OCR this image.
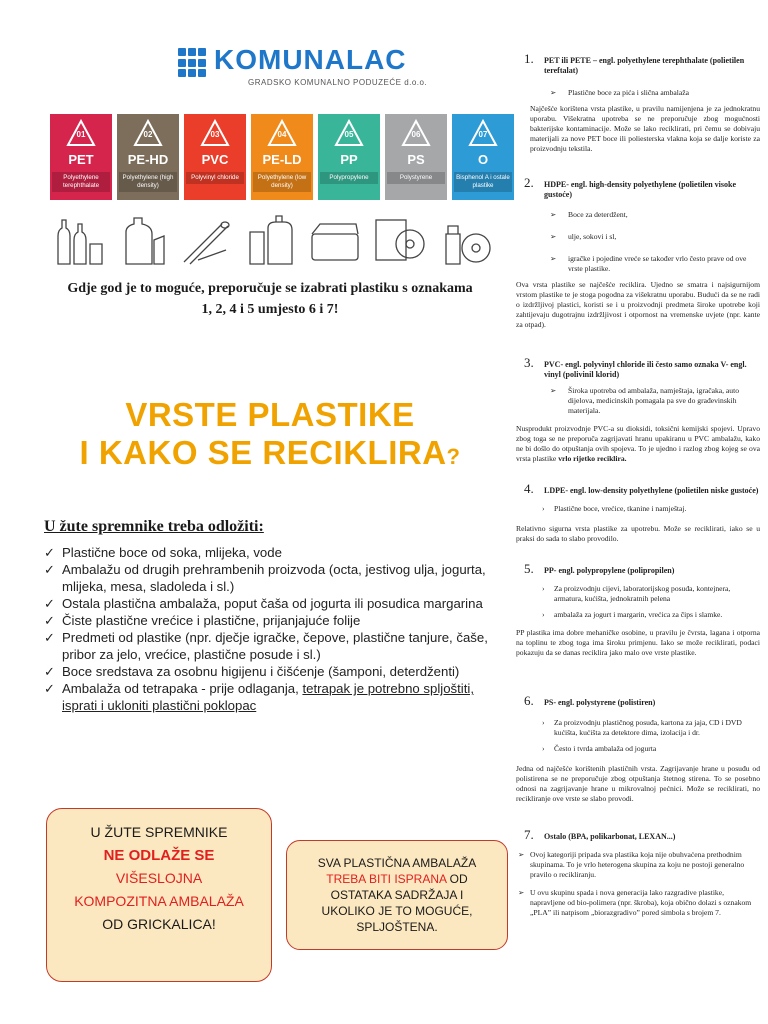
KOMUNALAC
GRADSKO KOMUNALNO PODUZEĆE d.o.o.
01
PET
Polyethylene terephthalate
02
PE-HD
Polyethylene (high density)
03
PVC
Polyvinyl chloride
04
PE-LD
Polyethylene (low density)
05
PP
Polypropylene
06
PS
Polystyrene
07
O
Bisphenol A i ostale plastike
Gdje god je to moguće, preporučuje se izabrati plastiku s oznakama
1, 2, 4 i 5 umjesto 6 i 7!
VRSTE PLASTIKE
I KAKO SE RECIKLIRA?
U žute spremnike treba odložiti:
✓ Plastične boce od soka, mlijeka, vode
✓ Ambalažu od drugih prehrambenih proizvoda (octa, jestivog ulja, jogurta, mlijeka, mesa, sladoleda i sl.)
✓ Ostala plastična ambalaža, poput čaša od jogurta ili posudica margarina
✓ Čiste plastične vrećice i plastične, prijanjajuće folije
✓ Predmeti od plastike (npr. dječje igračke, čepove, plastične tanjure, čaše, pribor za jelo, vrećice, plastične posude i sl.)
✓ Boce sredstava za osobnu higijenu i čišćenje (šamponi, deterdženti)
✓ Ambalaža od tetrapaka - prije odlaganja, tetrapak je potrebno spljoštiti, isprati i ukloniti plastični poklopac
U ŽUTE SPREMNIKE
NE ODLAŽE SE
VIŠESLOJNA
KOMPOZITNA AMBALAŽA
OD GRICKALICA!
SVA PLASTIČNA AMBALAŽA
TREBA BITI ISPRANA OD
OSTATAKA SADRŽAJA I
UKOLIKO JE TO MOGUĆE,
SPLJOŠTENA.
1. PET ili PETE – engl. polyethylene terephthalate (polietilen tereftalat)
➢ Plastične boce za pića i slična ambalaža
Najčešće korištena vrsta plastike, u pravilu namijenjena je za jednokratnu uporabu. Višekratna upotreba se ne preporučuje zbog mogućnosti bakterijske kontaminacije. Može se lako reciklirati, pri čemu se dobivaju materijali za nove PET boce ili poliesterska vlakna koja se dalje koriste za proizvodnju tekstila.
2. HDPE- engl. high-density polyethylene (polietilen visoke gustoće)
➢ Boce za deterdžent,
➢ ulje, sokovi i sl,
➢ igračke i pojedine vreće se također vrlo često prave od ove vrste plastike.
Ova vrsta plastike se najčešće reciklira. Ujedno se smatra i najsigurnijom vrstom plastike te je stoga pogodna za višekratnu uporabu. Budući da se ne radi o izdržljivoj plastici, koristi se i u proizvodnji predmeta široke upotrebe koji zahtijevaju dugotrajnu izdržljivost i otpornost na vremenske uvjete (npr. kante za otpad).
3. PVC- engl. polyvinyl chloride ili često samo oznaka V- engl. vinyl (polivinil klorid)
➢ Široka upotreba od ambalaža, namještaja, igračaka, auto dijelova, medicinskih pomagala pa sve do građevinskih materijala.
Nusprodukt proizvodnje PVC-a su dioksidi, toksični kemijski spojevi. Upravo zbog toga se ne preporuča zagrijavati hranu upakiranu u PVC ambalažu, kako ne bi došlo do otpuštanja ovih spojeva. To je ujedno i razlog zbog kojeg se ova vrsta plastike vrlo rijetko reciklira.
4. LDPE- engl. low-density polyethylene (polietilen niske gustoće)
› Plastične boce, vrećice, tkanine i namještaj.
Relativno sigurna vrsta plastike za upotrebu. Može se reciklirati, iako se u praksi do sada to slabo provodilo.
5. PP- engl. polypropylene (polipropilen)
› Za proizvodnju cijevi, laboratorijskog posuđa, kontejnera, armatura, kućišta, jednokratnih pelena
› ambalaža za jogurt i margarin, vrećica za čips i slamke.
PP plastika ima dobre mehaničke osobine, u pravilu je čvrsta, lagana i otporna na toplinu te zbog toga ima široku primjenu. Iako se može reciklirati, podaci pokazuju da se danas reciklira jako malo ove vrste plastike.
6. PS- engl. polystyrene (polistiren)
› Za proizvodnju plastičnog posuđa, kartona za jaja, CD i DVD kućišta, kućišta za detektore dima, izolacija i dr.
› Često i tvrda ambalaža od jogurta
Jedna od najčešće korištenih plastičnih vrsta. Zagrijavanje hrane u posuđu od polistirena se ne preporučuje zbog otpuštanja štetnog stirena. To se posebno odnosi na zagrijavanje hrane u mikrovalnoj pećnici. Može se reciklirati, no recikliranje ove vrste se slabo provodi.
7. Ostalo (BPA, polikarbonat, LEXAN...)
➢ Ovoj kategoriji pripada sva plastika koja nije obuhvaćena prethodnim skupinama. To je vrlo heterogena skupina za koju ne postoji generalno pravilo o recikliranju.
➢ U ovu skupinu spada i nova generacija lako razgradive plastike, napravljene od bio-polimera (npr. škroba), koja obično dolazi s oznakom „PLA” ili natpisom „biorazgradivo” pored simbola s brojem 7.
